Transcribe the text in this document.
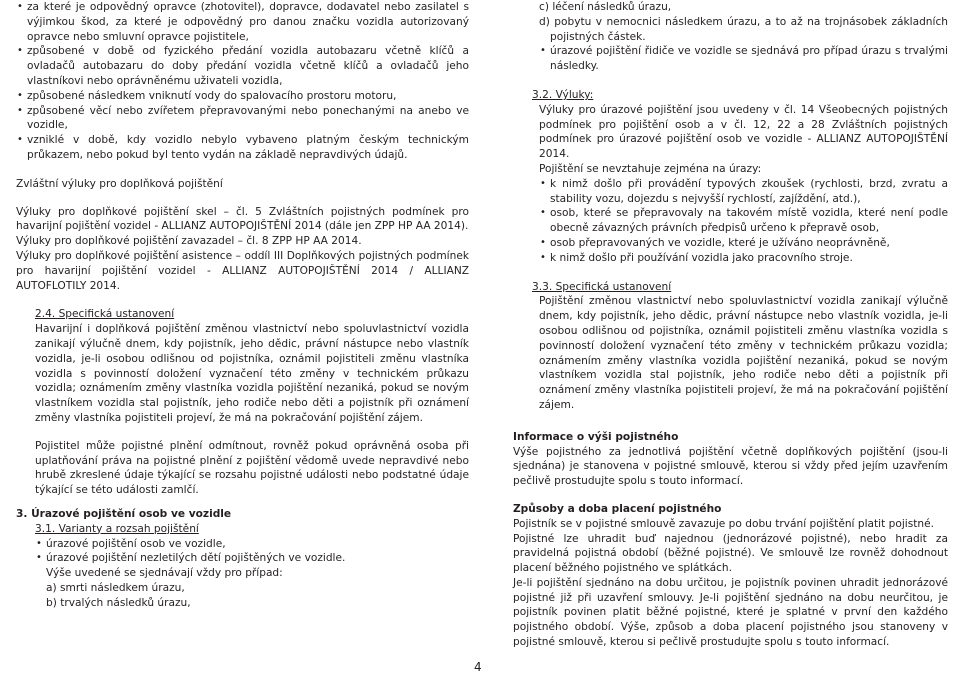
• za které je odpovědný opravce (zhotovitel), dopravce, dodavatel nebo zasilatel s výjimkou škod, za které je odpovědný pro danou značku vozidla autorizovaný opravce nebo smluvní opravce pojistitele,
• způsobené v době od fyzického předání vozidla autobazaru včetně klíčů a ovladačů autobazaru do doby předání vozidla včetně klíčů a ovladačů jeho vlastníkovi nebo oprávněnému uživateli vozidla,
• způsobené následkem vniknutí vody do spalovacího prostoru motoru,
• způsobené věcí nebo zvířetem přepravovanými nebo ponechanými na anebo ve vozidle,
• vzniklé v době, kdy vozidlo nebylo vybaveno platným českým technickým průkazem, nebo pokud byl tento vydán na základě nepravdivých údajů.

Zvláštní výluky pro doplňková pojištění

Výluky pro doplňkové pojištění skel – čl. 5 Zvláštních pojistných podmínek pro havarijní pojištění vozidel - ALLIANZ AUTOPOJIŠTĚNÍ 2014 (dále jen ZPP HP AA 2014).

Výluky pro doplňkové pojištění zavazadel – čl. 8 ZPP HP AA 2014.

Výluky pro doplňkové pojištění asistence – oddíl III Doplňkových pojistných podmínek pro havarijní pojištění vozidel - ALLIANZ AUTOPOJIŠTĚNÍ 2014 / ALLIANZ AUTOFLOTILY 2014.

2.4. Specifická ustanovení

Havarijní i doplňková pojištění změnou vlastnictví nebo spoluvlastnictví vozidla zanikají výlučně dnem, kdy pojistník, jeho dědic, právní nástupce nebo vlastník vozidla, je-li osobou odlišnou od pojistníka, oznámil pojistiteli změnu vlastníka vozidla s povinností doložení vyznačení této změny v technickém průkazu vozidla; oznámením změny vlastníka vozidla pojištění nezaniká, pokud se novým vlastníkem vozidla stal pojistník, jeho rodiče nebo děti a pojistník při oznámení změny vlastníka pojistiteli projeví, že má na pokračování pojištění zájem.

Pojistitel může pojistné plnění odmítnout, rovněž pokud oprávněná osoba při uplatňování práva na pojistné plnění z pojištění vědomě uvede nepravdivé nebo hrubě zkreslené údaje týkající se rozsahu pojistné události nebo podstatné údaje týkající se této události zamlčí.

3. Úrazové pojištění osob ve vozidle
3.1. Varianty a rozsah pojištění
• úrazové pojištění osob ve vozidle,
• úrazové pojištění nezletilých dětí pojištěných ve vozidle.

Výše uvedené se sjednávají vždy pro případ:

a) smrti následkem úrazu,

b) trvalých následků úrazu,

c) léčení následků úrazu,

d) pobytu v nemocnici následkem úrazu, a to až na trojnásobek základních pojistných částek.

• úrazové pojištění řidiče ve vozidle se sjednává pro případ úrazu s trvalými následky.
3.2. Výluky:

Výluky pro úrazové pojištění jsou uvedeny v čl. 14 Všeobecných pojistných podmínek pro pojištění osob a v čl. 12, 22 a 28 Zvláštních pojistných podmínek pro úrazové pojištění osob ve vozidle - ALLIANZ AUTOPOJIŠTĚNÍ 2014.

Pojištění se nevztahuje zejména na úrazy:

• k nimž došlo při provádění typových zkoušek (rychlosti, brzd, zvratu a stability vozu, dojezdu s nejvyšší rychlostí, zajíždění, atd.),
• osob, které se přepravovaly na takovém místě vozidla, které není podle obecně závazných právních předpisů určeno k přepravě osob,
• osob přepravovaných ve vozidle, které je užíváno neoprávněně,
• k nimž došlo při používání vozidla jako pracovního stroje.
3.3. Specifická ustanovení

Pojištění změnou vlastnictví nebo spoluvlastnictví vozidla zanikají výlučně dnem, kdy pojistník, jeho dědic, právní nástupce nebo vlastník vozidla, je-li osobou odlišnou od pojistníka, oznámil pojistiteli změnu vlastníka vozidla s povinností doložení vyznačení této změny v technickém průkazu vozidla; oznámením změny vlastníka vozidla pojištění nezaniká, pokud se novým vlastníkem vozidla stal pojistník, jeho rodiče nebo děti a pojistník při oznámení změny vlastníka pojistiteli projeví, že má na pokračování pojištění zájem.

Informace o výši pojistného

Výše pojistného za jednotlivá pojištění včetně doplňkových pojištění (jsou-li sjednána) je stanovena v pojistné smlouvě, kterou si vždy před jejím uzavřením pečlivě prostudujte spolu s touto informací.

Způsoby a doba placení pojistného

Pojistník se v pojistné smlouvě zavazuje po dobu trvání pojištění platit pojistné.

Pojistné lze uhradit buď najednou (jednorázové pojistné), nebo hradit za pravidelná pojistná období (běžné pojistné). Ve smlouvě lze rovněž dohodnout placení běžného pojistného ve splátkách.

Je-li pojištění sjednáno na dobu určitou, je pojistník povinen uhradit jednorázové pojistné již při uzavření smlouvy. Je-li pojištění sjednáno na dobu neurčitou, je pojistník povinen platit běžné pojistné, které je splatné v první den každého pojistného období. Výše, způsob a doba placení pojistného jsou stanoveny v pojistné smlouvě, kterou si pečlivě prostudujte spolu s touto informací.

4
